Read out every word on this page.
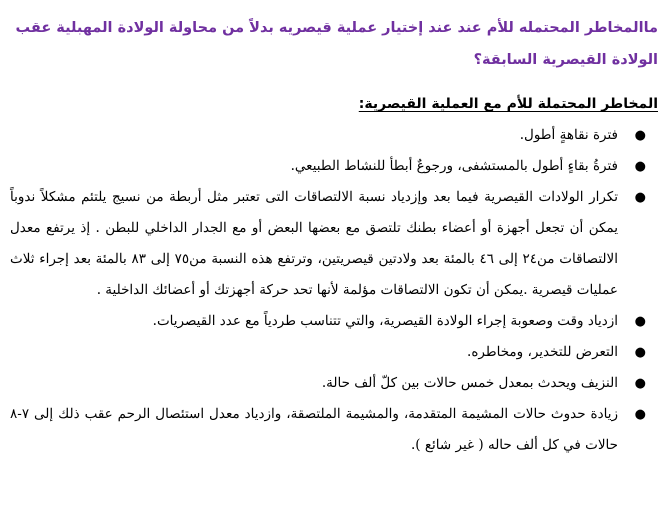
ماالمخاطر المحتمله للأم عند عند إختيار عملية قيصريه بدلاً من محاولة الولادة المهبلية عقب الولادة القيصرية السابقة؟

المخاطر المحتملة للأم مع العملية القيصرية:

●
فترة نقاهةٍ أطول.
●
فترةُ بقاءٍ أطول بالمستشفى، ورجوعٌ أبطأ للنشاط الطبيعي.
●
تكرار الولادات القيصرية فيما بعد وإزدياد نسبة الالتصاقات التى تعتبر مثل أربطة من نسيج يلتئم مشكلاً ندوباً يمكن أن تجعل أجهزة أو أعضاء بطنك تلتصق مع بعضها البعض أو مع الجدار الداخلي للبطن . إذ يرتفع معدل الالتصاقات من٢٤ إلى ٤٦ بالمئة بعد ولادتين قيصريتين، وترتفع هذه النسبة من٧٥ إلى ٨٣ بالمئة بعد إجراء ثلاث عمليات قيصرية .يمكن أن تكون الالتصاقات مؤلمة لأنها تحد حركة أجهزتك أو أعضائك الداخلية .
●
ازدياد وقت وصعوبة إجراء الولادة القيصرية، والتي تتناسب طردياً مع عدد القيصريات.
●
التعرض للتخدير، ومخاطره.
●
النزيف ويحدث بمعدل خمس حالات بين كلّ ألف حالة.
●
زيادة حدوث حالات المشيمة المتقدمة، والمشيمة الملتصقة، وازدياد معدل استئصال الرحم عقب ذلك إلى ٧-٨ حالات في كل ألف حاله ( غير شائع ).
